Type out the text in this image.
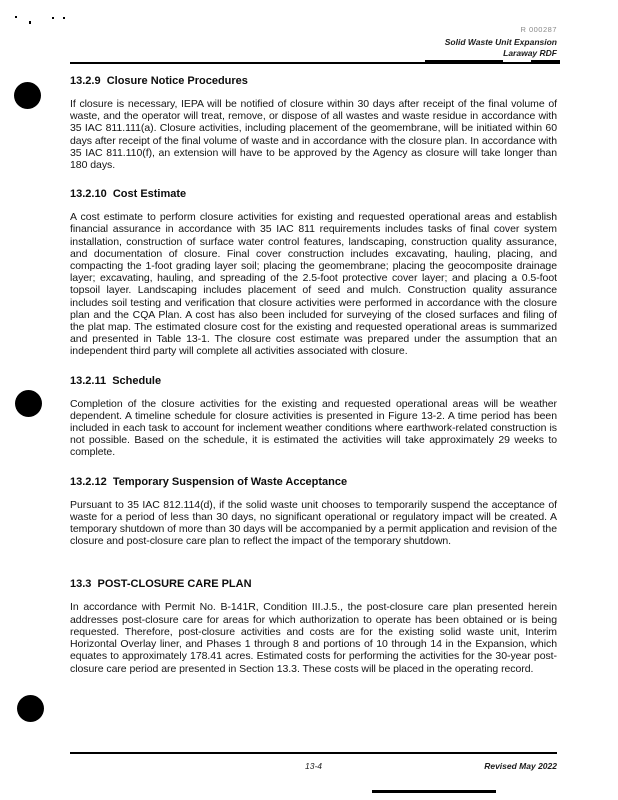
R 000287
Solid Waste Unit Expansion
Laraway RDF
13.2.9  Closure Notice Procedures
If closure is necessary, IEPA will be notified of closure within 30 days after receipt of the final volume of waste, and the operator will treat, remove, or dispose of all wastes and waste residue in accordance with 35 IAC 811.111(a). Closure activities, including placement of the geomembrane, will be initiated within 60 days after receipt of the final volume of waste and in accordance with the closure plan. In accordance with 35 IAC 811.110(f), an extension will have to be approved by the Agency as closure will take longer than 180 days.
13.2.10  Cost Estimate
A cost estimate to perform closure activities for existing and requested operational areas and establish financial assurance in accordance with 35 IAC 811 requirements includes tasks of final cover system installation, construction of surface water control features, landscaping, construction quality assurance, and documentation of closure. Final cover construction includes excavating, hauling, placing, and compacting the 1-foot grading layer soil; placing the geomembrane; placing the geocomposite drainage layer; excavating, hauling, and spreading of the 2.5-foot protective cover layer; and placing a 0.5-foot topsoil layer. Landscaping includes placement of seed and mulch. Construction quality assurance includes soil testing and verification that closure activities were performed in accordance with the closure plan and the CQA Plan. A cost has also been included for surveying of the closed surfaces and filing of the plat map. The estimated closure cost for the existing and requested operational areas is summarized and presented in Table 13-1. The closure cost estimate was prepared under the assumption that an independent third party will complete all activities associated with closure.
13.2.11  Schedule
Completion of the closure activities for the existing and requested operational areas will be weather dependent. A timeline schedule for closure activities is presented in Figure 13-2. A time period has been included in each task to account for inclement weather conditions where earthwork-related construction is not possible. Based on the schedule, it is estimated the activities will take approximately 29 weeks to complete.
13.2.12  Temporary Suspension of Waste Acceptance
Pursuant to 35 IAC 812.114(d), if the solid waste unit chooses to temporarily suspend the acceptance of waste for a period of less than 30 days, no significant operational or regulatory impact will be created. A temporary shutdown of more than 30 days will be accompanied by a permit application and revision of the closure and post-closure care plan to reflect the impact of the temporary shutdown.
13.3  POST-CLOSURE CARE PLAN
In accordance with Permit No. B-141R, Condition III.J.5., the post-closure care plan presented herein addresses post-closure care for areas for which authorization to operate has been obtained or is being requested. Therefore, post-closure activities and costs are for the existing solid waste unit, Interim Horizontal Overlay liner, and Phases 1 through 8 and portions of 10 through 14 in the Expansion, which equates to approximately 178.41 acres. Estimated costs for performing the activities for the 30-year post-closure care period are presented in Section 13.3. These costs will be placed in the operating record.
13-4	Revised May 2022
